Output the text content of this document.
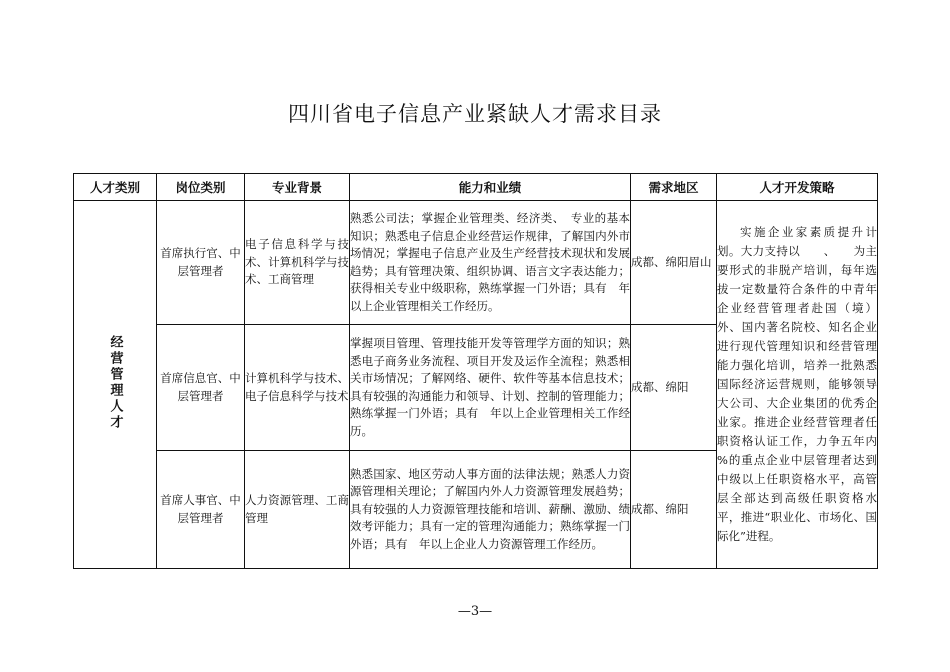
四川省电子信息产业紧缺人才需求目录
人才类别	岗位类别	专业背景	能力和业绩	需求地区	人才开发策略
经营管理人才	首席执行官、中层管理者	电子信息科学与技术、计算机科学与技术、工商管理	熟悉公司法；掌握企业管理类、经济类、　专业的基本知识；熟悉电子信息企业经营运作规律，了解国内外市场情况；掌握电子信息产业及生产经营技术现状和发展趋势；具有管理决策、组织协调、语言文字表达能力；获得相关专业中级职称，熟练掌握一门外语；具有　年以上企业管理相关工作经历。	成都、绵阳眉山	实施企业家素质提升计划。大力支持以　　、　　为主要形式的非脱产培训，每年选拔一定数量符合条件的中青年企业经营管理者赴国（境）外、国内著名院校、知名企业进行现代管理知识和经营管理能力强化培训，培养一批熟悉国际经济运营规则，能够领导大公司、大企业集团的优秀企业家。推进企业经营管理者任职资格认证工作，力争五年内　　%的重点企业中层管理者达到中级以上任职资格水平，高管层全部达到高级任职资格水平，推进“职业化、市场化、国际化”进程。

	首席信息官、中层管理者	计算机科学与技术、电子信息科学与技术	掌握项目管理、管理技能开发等管理学方面的知识；熟悉电子商务业务流程、项目开发及运作全流程；熟悉相关市场情况；了解网络、硬件、软件等基本信息技术；具有较强的沟通能力和领导、计划、控制的管理能力；熟练掌握一门外语；具有　年以上企业管理相关工作经历。	成都、绵阳	

	首席人事官、中层管理者	人力资源管理、工商管理	熟悉国家、地区劳动人事方面的法律法规；熟悉人力资源管理相关理论；了解国内外人力资源管理发展趋势；具有较强的人力资源管理技能和培训、薪酬、激励、绩效考评能力；具有一定的管理沟通能力；熟练掌握一门外语；具有　年以上企业人力资源管理工作经历。	成都、绵阳	
—3—
